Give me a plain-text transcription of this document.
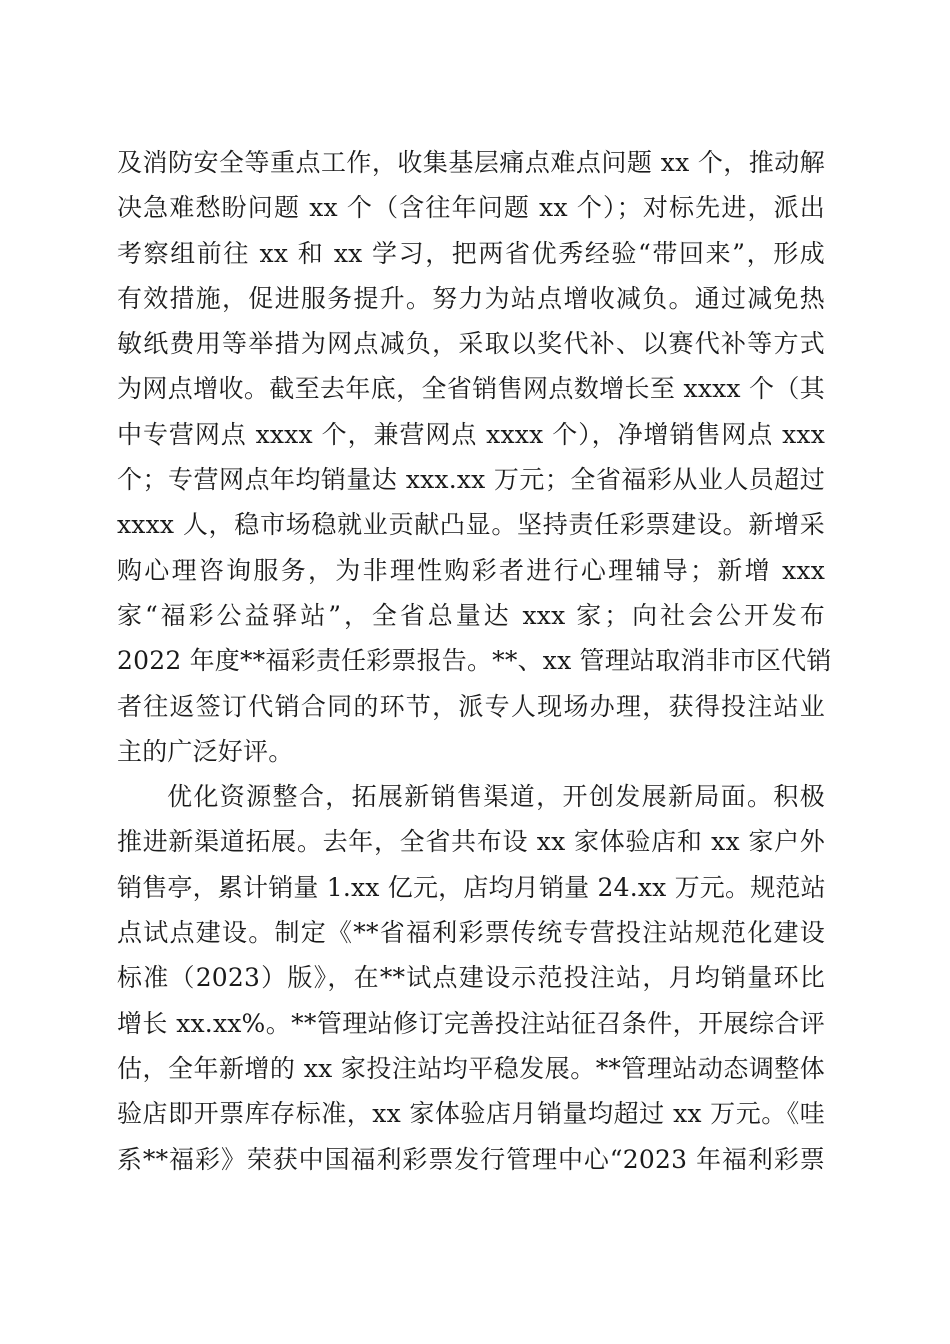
及消防安全等重点工作，收集基层痛点难点问题 xx 个，推动解
决急难愁盼问题 xx 个（含往年问题 xx 个）；对标先进，派出
考察组前往 xx 和 xx 学习，把两省优秀经验“带回来”，形成
有效措施，促进服务提升。努力为站点增收减负。通过减免热
敏纸费用等举措为网点减负，采取以奖代补、以赛代补等方式
为网点增收。截至去年底，全省销售网点数增长至 xxxx 个（其
中专营网点 xxxx 个，兼营网点 xxxx 个），净增销售网点 xxx
个；专营网点年均销量达 xxx.xx 万元；全省福彩从业人员超过
xxxx 人，稳市场稳就业贡献凸显。坚持责任彩票建设。新增采
购心理咨询服务，为非理性购彩者进行心理辅导；新增 xxx
家“福彩公益驿站”，全省总量达 xxx 家；向社会公开发布
2022 年度**福彩责任彩票报告。**、xx 管理站取消非市区代销
者往返签订代销合同的环节，派专人现场办理，获得投注站业
主的广泛好评。
优化资源整合，拓展新销售渠道，开创发展新局面。积极
推进新渠道拓展。去年，全省共布设 xx 家体验店和 xx 家户外
销售亭，累计销量 1.xx 亿元，店均月销量 24.xx 万元。规范站
点试点建设。制定《**省福利彩票传统专营投注站规范化建设
标准（2023）版》，在**试点建设示范投注站，月均销量环比
增长 xx.xx%。**管理站修订完善投注站征召条件，开展综合评
估，全年新增的 xx 家投注站均平稳发展。**管理站动态调整体
验店即开票库存标准，xx 家体验店月销量均超过 xx 万元。《哇
系**福彩》荣获中国福利彩票发行管理中心“2023 年福利彩票
